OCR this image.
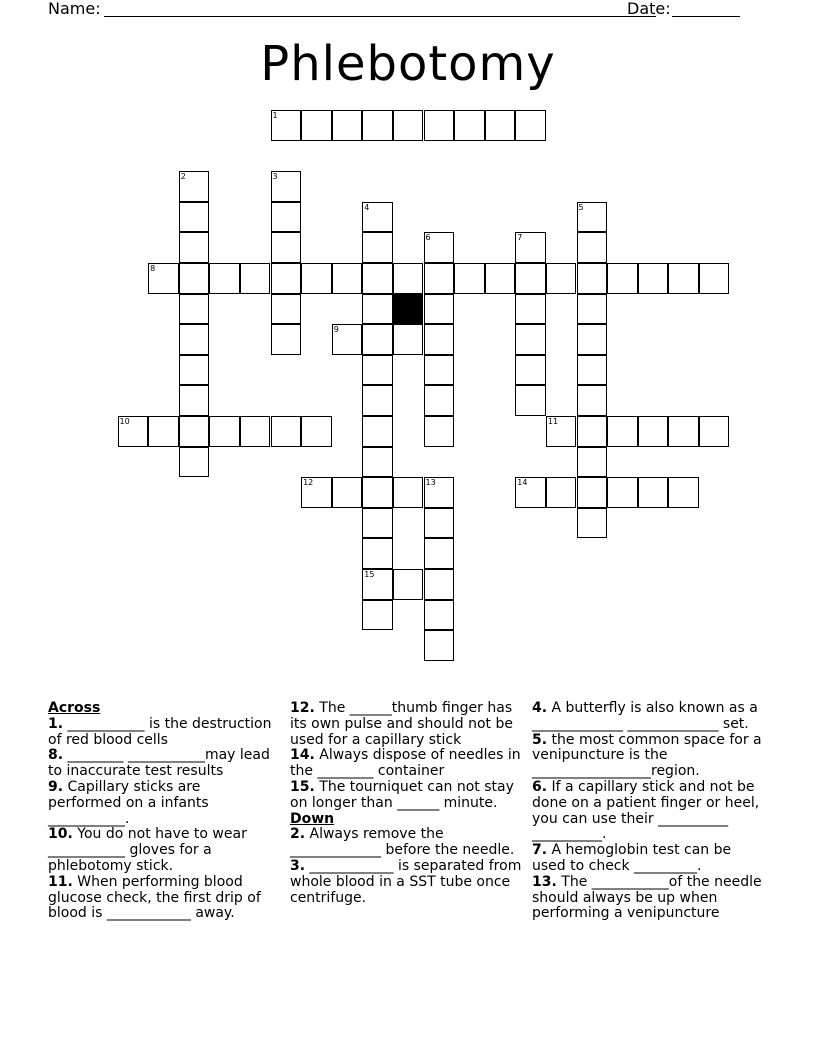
Name:	Date:
Phlebotomy
1
2	3
4
15
5
6	7
8
9
10	11
12	13	14

Across

1. ___________ is the destruction of red blood cells

8. ________ ___________may lead to inaccurate test results

9. Capillary sticks are performed on a infants ___________.

10. You do not have to wear ___________ gloves for a phlebotomy stick.

11. When performing blood glucose check, the first drip of blood is ____________ away.

12. The ______thumb finger has its own pulse and should not be used for a capillary stick

14. Always dispose of needles in the ________ container

15. The tourniquet can not stay on longer than ______ minute.

Down

2. Always remove the _____________ before the needle.

3. ____________ is separated from whole blood in a SST tube once centrifuge.

4. A butterfly is also known as a _____________ _____________ set.

5. the most common space for a venipuncture is the _________________region.

6. If a capillary stick and not be done on a patient finger or heel, you can use their __________ __________.

7. A hemoglobin test can be used to check _________.

13. The ___________of the needle should always be up when performing a venipuncture
